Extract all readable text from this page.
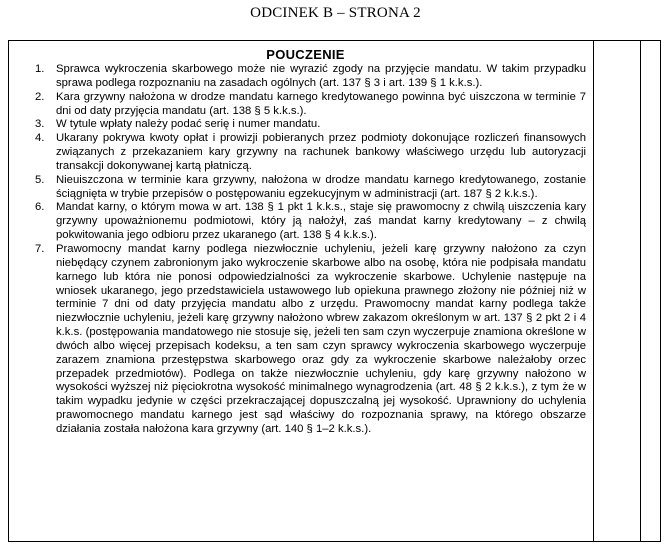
ODCINEK B – STRONA 2
POUCZENIE
1. Sprawca wykroczenia skarbowego może nie wyrazić zgody na przyjęcie mandatu. W takim przypadku sprawa podlega rozpoznaniu na zasadach ogólnych (art. 137 § 3 i art. 139 § 1 k.k.s.).
2. Kara grzywny nałożona w drodze mandatu karnego kredytowanego powinna być uiszczona w terminie 7 dni od daty przyjęcia mandatu (art. 138 § 5 k.k.s.).
3. W tytule wpłaty należy podać serię i numer mandatu.
4. Ukarany pokrywa kwoty opłat i prowizji pobieranych przez podmioty dokonujące rozliczeń finansowych związanych z przekazaniem kary grzywny na rachunek bankowy właściwego urzędu lub autoryzacji transakcji dokonywanej kartą płatniczą.
5. Nieuiszczona w terminie kara grzywny, nałożona w drodze mandatu karnego kredytowanego, zostanie ściągnięta w trybie przepisów o postępowaniu egzekucyjnym w administracji (art. 187 § 2 k.k.s.).
6. Mandat karny, o którym mowa w art. 138 § 1 pkt 1 k.k.s., staje się prawomocny z chwilą uiszczenia kary grzywny upoważnionemu podmiotowi, który ją nałożył, zaś mandat karny kredytowany – z chwilą pokwitowania jego odbioru przez ukaranego (art. 138 § 4 k.k.s.).
7. Prawomocny mandat karny podlega niezwłocznie uchyleniu, jeżeli karę grzywny nałożono za czyn niebędący czynem zabronionym jako wykroczenie skarbowe albo na osobę, która nie podpisała mandatu karnego lub która nie ponosi odpowiedzialności za wykroczenie skarbowe. Uchylenie następuje na wniosek ukaranego, jego przedstawiciela ustawowego lub opiekuna prawnego złożony nie później niż w terminie 7 dni od daty przyjęcia mandatu albo z urzędu. Prawomocny mandat karny podlega także niezwłocznie uchyleniu, jeżeli karę grzywny nałożono wbrew zakazom określonym w art. 137 § 2 pkt 2 i 4 k.k.s. (postępowania mandatowego nie stosuje się, jeżeli ten sam czyn wyczerpuje znamiona określone w dwóch albo więcej przepisach kodeksu, a ten sam czyn sprawcy wykroczenia skarbowego wyczerpuje zarazem znamiona przestępstwa skarbowego oraz gdy za wykroczenie skarbowe należałoby orzec przepadek przedmiotów). Podlega on także niezwłocznie uchyleniu, gdy karę grzywny nałożono w wysokości wyższej niż pięciokrotna wysokość minimalnego wynagrodzenia (art. 48 § 2 k.k.s.), z tym że w takim wypadku jedynie w części przekraczającej dopuszczalną jej wysokość. Uprawniony do uchylenia prawomocnego mandatu karnego jest sąd właściwy do rozpoznania sprawy, na którego obszarze działania została nałożona kara grzywny (art. 140 § 1–2 k.k.s.).
